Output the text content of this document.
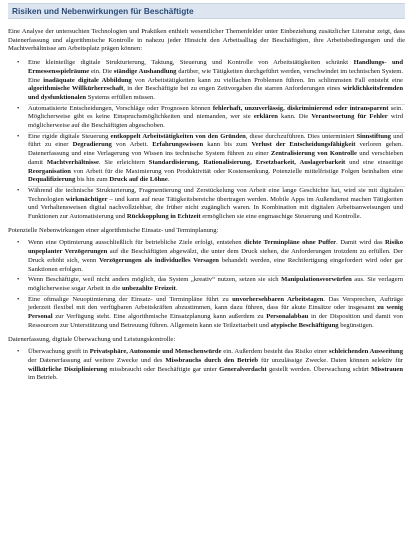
Risiken und Nebenwirkungen für Beschäftigte

Eine Analyse der untersuchten Technologien und Praktiken enthielt wesentlicher Themenfelder unter Einbeziehung zusätzlicher Literatur zeigt, dass Datenerfassung und algorithmische Kontrolle in nahezu jeder Hinsicht den Arbeitsalltag der Beschäftigten, ihre Arbeitsbedingungen und die Machtverhältnisse am Arbeitsplatz prägen können:

• Eine kleinteilige digitale Strukturierung, Taktung, Steuerung und Kontrolle von Arbeitstätigkeiten schränkt Handlungs- und Ermessensspielräume ein. Die ständige Aushandlung darüber, wie Tätigkeiten durchgeführt werden, verschwindet im technischen System. Eine inadäquate digitale Abbildung von Arbeitstätigkeiten kann zu vielfachen Problemen führen. Im schlimmsten Fall entsteht eine algorithmische Willkürherrschaft, in der Beschäftigte bei zu engen Zeitvorgaben die starren Anforderungen eines wirklichkeitsfremden und dysfunktionalen Systems erfüllen müssen.
• Automatisierte Entscheidungen, Vorschläge oder Prognosen können fehlerhaft, unzuverlässig, diskriminierend oder intransparent sein. Möglicherweise gibt es keine Einspruchsmöglichkeiten und niemanden, wer sie erklären kann. Die Verantwortung für Fehler wird möglicherweise auf die Beschäftigten abgeschoben.
• Eine rigide digitale Steuerung entkoppelt Arbeitstätigkeiten von den Gründen, diese durchzuführen. Dies unterminiert Sinnstiftung und führt zu einer Degradierung von Arbeit. Erfahrungswissen kann bis zum Verlust der Entscheidungsfähigkeit verloren gehen. Datenerfassung und eine Verlagerung von Wissen ins technische System führen zu einer Zentralisierung von Kontrolle und verschieben damit Machtverhältnisse. Sie erleichtern Standardisierung, Rationalisierung, Ersetzbarkeit, Auslagerbarkeit und eine einseitige Reorganisation von Arbeit für die Maximierung von Produktivität oder Kostensenkung. Potenzielle mittelfristige Folgen beinhalten eine Dequalifizierung bis hin zum Druck auf die Löhne.
• Während die technische Strukturierung, Fragmentierung und Zerstückelung von Arbeit eine lange Geschichte hat, wird sie mit digitalen Technologien wirkmächtiger – und kann auf neue Tätigkeitsbereiche übertragen werden. Mobile Apps im Außendienst machen Tätigkeiten und Verhaltensweisen digital nachvollziehbar, die früher nicht zugänglich waren. In Kombination mit digitalen Arbeitsanweisungen und Funktionen zur Automatisierung und Rückkopplung in Echtzeit ermöglichen sie eine engmaschige Steuerung und Kontrolle.
Potenzielle Nebenwirkungen einer algorithmische Einsatz- und Terminplanung:
• Wenn eine Optimierung ausschließlich für betriebliche Ziele erfolgt, entstehen dichte Terminpläne ohne Puffer. Damit wird das Risiko unpeplanter Verzögerungen auf die Beschäftigten abgewälzt, die unter dem Druck stehen, die Anforderungen trotzdem zu erfüllen. Der Druck erhöht sich, wenn Verzögerungen als individuelles Versagen behandelt werden, eine Rechtfertigung eingefordert wird oder gar Sanktionen erfolgen.
• Wenn Beschäftigte, weil nicht anders möglich, das System „kreativ“ nutzen, setzen sie sich Manipulationsvorwürfen aus. Sie verlagern möglicherweise sogar Arbeit in die unbezahlte Freizeit.
• Eine oftmalige Neuoptimierung der Einsatz- und Terminpläne führt zu unvorhersehbaren Arbeitstagen. Das Versprechen, Aufträge jederzeit flexibel mit den verfügbaren Arbeitskräften abzustimmen, kann dazu führen, dass für akute Einsätze oder insgesamt zu wenig Personal zur Verfügung steht. Eine algorithmische Einsatzplanung kann außerdem zu Personalabbau in der Disposition und damit von Ressourcen zur Unterstützung und Betreuung führen. Allgemein kann sie Teilzeitarbeit und atypische Beschäftigung begünstigen.
Datenerfassung, digitale Überwachung und Leistungskontrolle:
• Überwachung greift in Privatsphäre, Autonomie und Menschenwürde ein. Außerdem besteht das Risiko einer schleichenden Ausweitung der Datenerfassung auf weitere Zwecke und des Missbrauchs durch den Betrieb für unzulässige Zwecke. Daten können selektiv für willkürliche Disziplinierung missbraucht oder Beschäftigte gar unter Generalverdacht gestellt werden. Überwachung schürt Misstrauen im Betrieb.
